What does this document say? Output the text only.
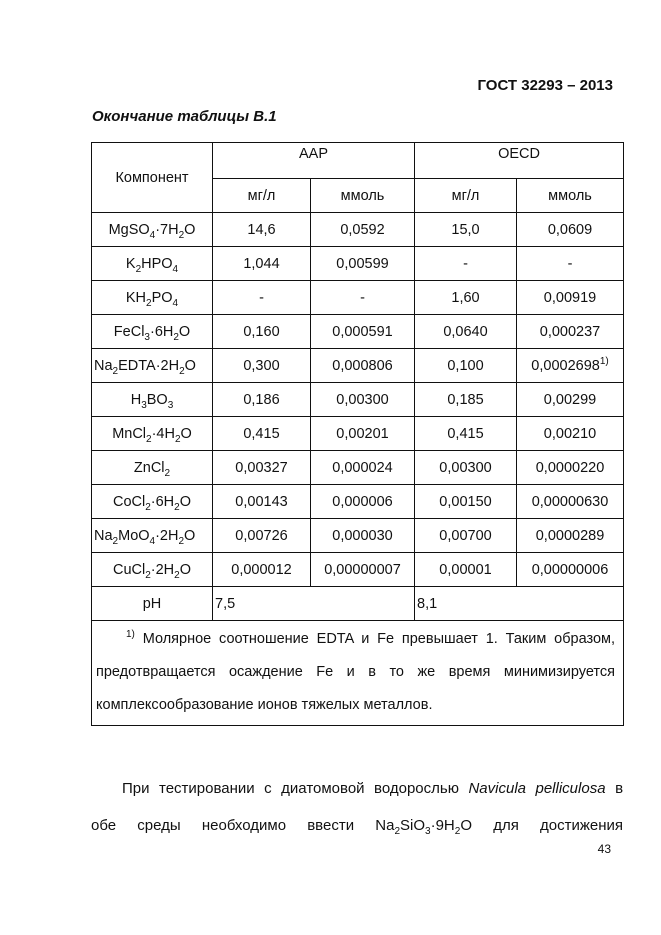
ГОСТ 32293 – 2013
Окончание таблицы В.1
Компонент	AAP		OECD	
	мг/л	ммоль	мг/л	ммоль
$MgSO_4\cdot 7H_2O$	14,6	0,0592	15,0	0,0609
$K_2HPO_4$	1,044	0,00599	-	-
$KH_2PO_4$	-	-	1,60	0,00919
$FeCl_3\cdot 6H_2O$	0,160	0,000591	0,0640	0,000237
$Na_2EDTA\cdot 2H_2O$	0,300	0,000806	0,100	0,0002698$^{1)}$
$H_3BO_3$	0,186	0,00300	0,185	0,00299
$MnCl_2\cdot 4H_2O$	0,415	0,00201	0,415	0,00210
ZnCl$_2$	0,00327	0,000024	0,00300	0,0000220
$CoCl_2\cdot 6H_2O$	0,00143	0,000006	0,00150	0,00000630
$Na_2MoO_4\cdot 2H_2O$	0,00726	0,000030	0,00700	0,0000289
$CuCl_2\cdot 2H_2O$	0,000012	0,00000007	0,00001	0,00000006
pH	7,5		8,1	
$^{1)}$ Молярное соотношение EDTA и Fe превышает 1. Таким образом, предотвращается осаждение Fe и в то же время минимизируется комплексообразование ионов тяжелых металлов.				
При тестировании с диатомовой водорослью Navicula pelliculosa в
обе среды необходимо ввести $Na_2SiO_3\cdot 9H_2O$ для достижения
43
